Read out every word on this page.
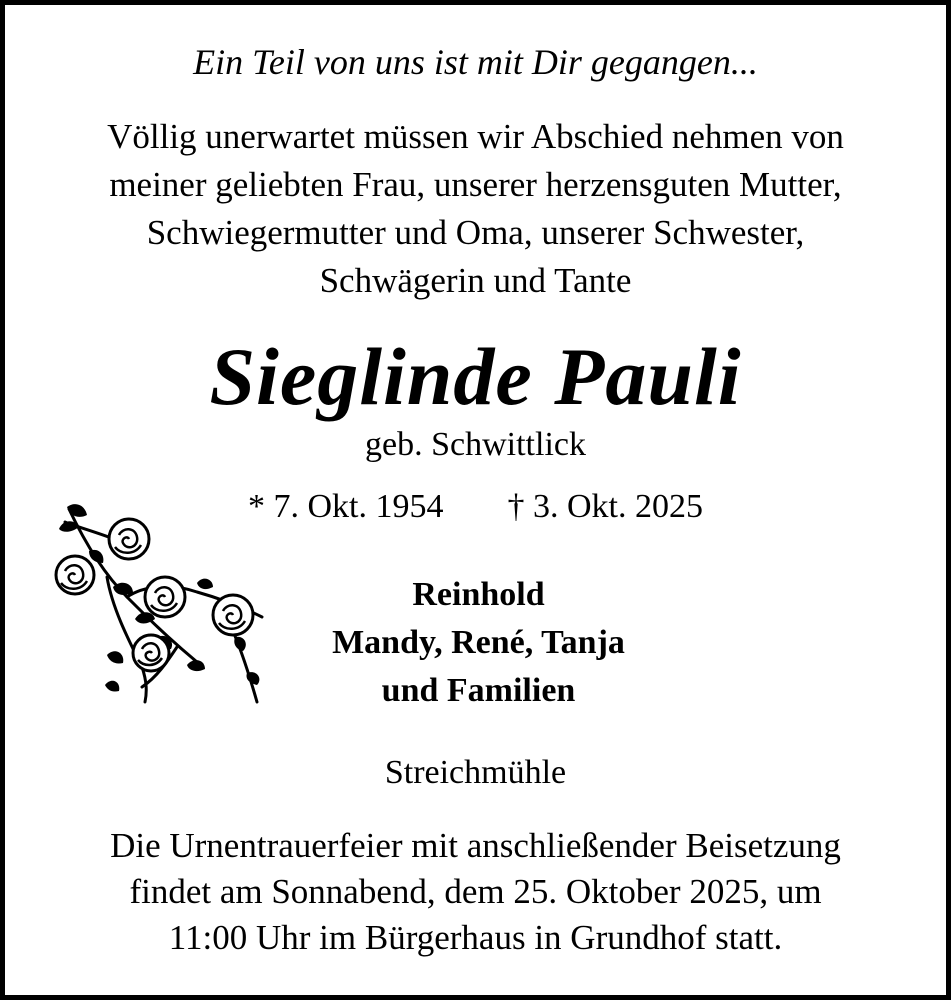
Ein Teil von uns ist mit Dir gegangen...
Völlig unerwartet müssen wir Abschied nehmen von
meiner geliebten Frau, unserer herzensguten Mutter,
Schwiegermutter und Oma, unserer Schwester,
Schwägerin und Tante
Sieglinde Pauli
geb. Schwittlick
* 7. Okt. 1954 † 3. Okt. 2025
Reinhold
Mandy, René, Tanja
und Familien
Streichmühle
Die Urnentrauerfeier mit anschließender Beisetzung
findet am Sonnabend, dem 25. Oktober 2025, um
11:00 Uhr im Bürgerhaus in Grundhof statt.
